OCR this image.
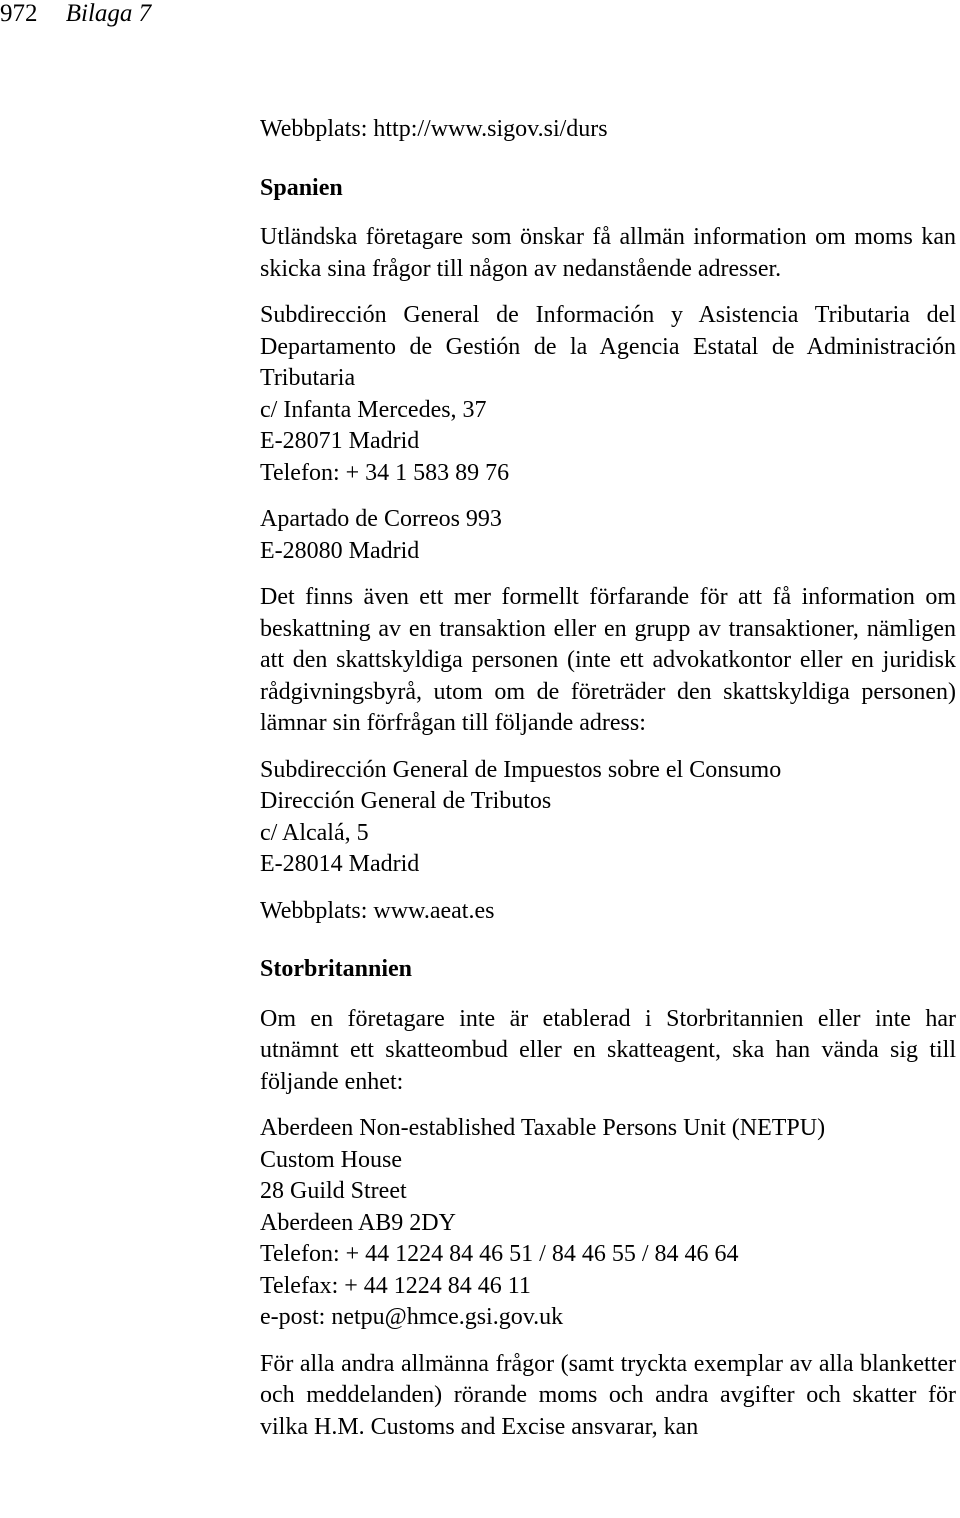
972 Bilaga 7

Webbplats: http://www.sigov.si/durs

Spanien

Utländska företagare som önskar få allmän information om moms kan skicka sina frågor till någon av nedanstående adresser.

Subdirección General de Información y Asistencia Tributaria del Departamento de Gestión de la Agencia Estatal de Administración Tributaria

c/ Infanta Mercedes, 37

E-28071 Madrid

Telefon: + 34 1 583 89 76

Apartado de Correos 993

E-28080 Madrid

Det finns även ett mer formellt förfarande för att få information om beskattning av en transaktion eller en grupp av transaktioner, nämligen att den skattskyldiga personen (inte ett advokatkontor eller en juridisk rådgivningsbyrå, utom om de företräder den skattskyldiga personen) lämnar sin förfrågan till följande adress:

Subdirección General de Impuestos sobre el Consumo

Dirección General de Tributos

c/ Alcalá, 5

E-28014 Madrid

Webbplats: www.aeat.es

Storbritannien

Om en företagare inte är etablerad i Storbritannien eller inte har utnämnt ett skatteombud eller en skatteagent, ska han vända sig till följande enhet:

Aberdeen Non-established Taxable Persons Unit (NETPU)

Custom House

28 Guild Street

Aberdeen AB9 2DY

Telefon: + 44 1224 84 46 51 / 84 46 55 / 84 46 64

Telefax: + 44 1224 84 46 11

e-post: netpu@hmce.gsi.gov.uk

För alla andra allmänna frågor (samt tryckta exemplar av alla blanketter och meddelanden) rörande moms och andra avgifter och skatter för vilka H.M. Customs and Excise ansvarar, kan
